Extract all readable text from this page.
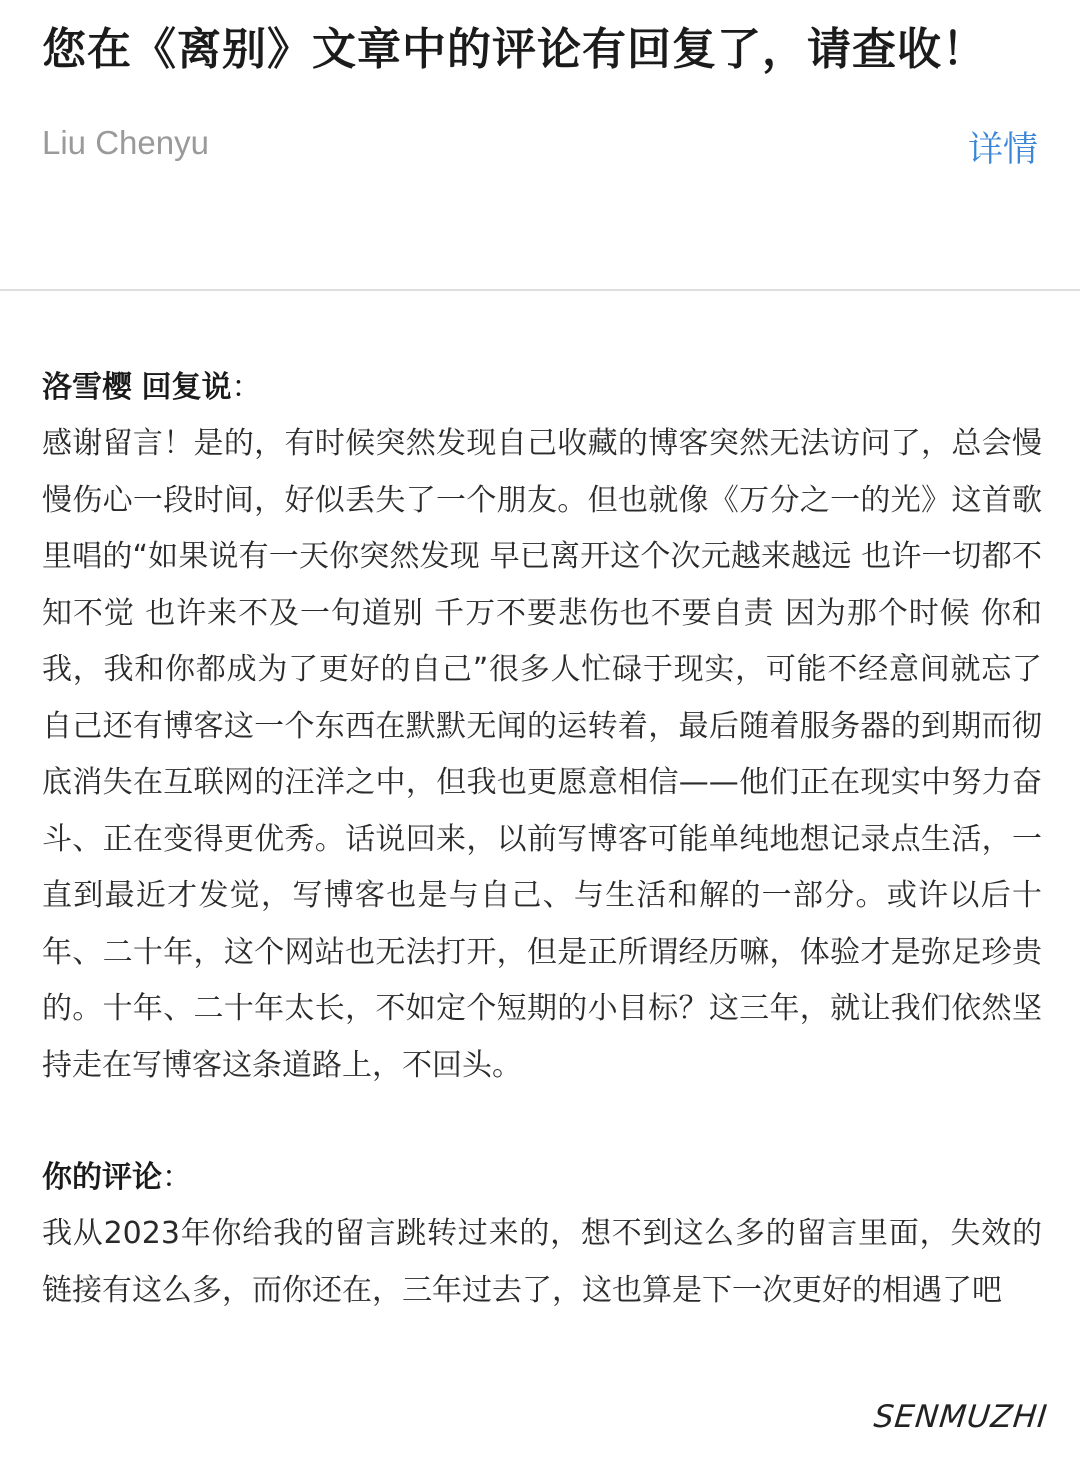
您在《离别》文章中的评论有回复了，请查收！
Liu Chenyu	详情
洛雪樱 回复说：

感谢留言！是的，有时候突然发现自己收藏的博客突然无法访问了，总会慢慢伤心一段时间，好似丢失了一个朋友。但也就像《万分之一的光》这首歌里唱的“如果说有一天你突然发现 早已离开这个次元越来越远 也许一切都不知不觉 也许来不及一句道别 千万不要悲伤也不要自责 因为那个时候 你和我，我和你都成为了更好的自己”很多人忙碌于现实，可能不经意间就忘了自己还有博客这一个东西在默默无闻的运转着，最后随着服务器的到期而彻底消失在互联网的汪洋之中，但我也更愿意相信——他们正在现实中努力奋斗、正在变得更优秀。话说回来，以前写博客可能单纯地想记录点生活，一直到最近才发觉，写博客也是与自己、与生活和解的一部分。或许以后十年、二十年，这个网站也无法打开，但是正所谓经历嘛，体验才是弥足珍贵的。十年、二十年太长，不如定个短期的小目标？这三年，就让我们依然坚持走在写博客这条道路上，不回头。

你的评论：

我从2023年你给我的留言跳转过来的，想不到这么多的留言里面，失效的链接有这么多，而你还在，三年过去了，这也算是下一次更好的相遇了吧

SENMUZHI
